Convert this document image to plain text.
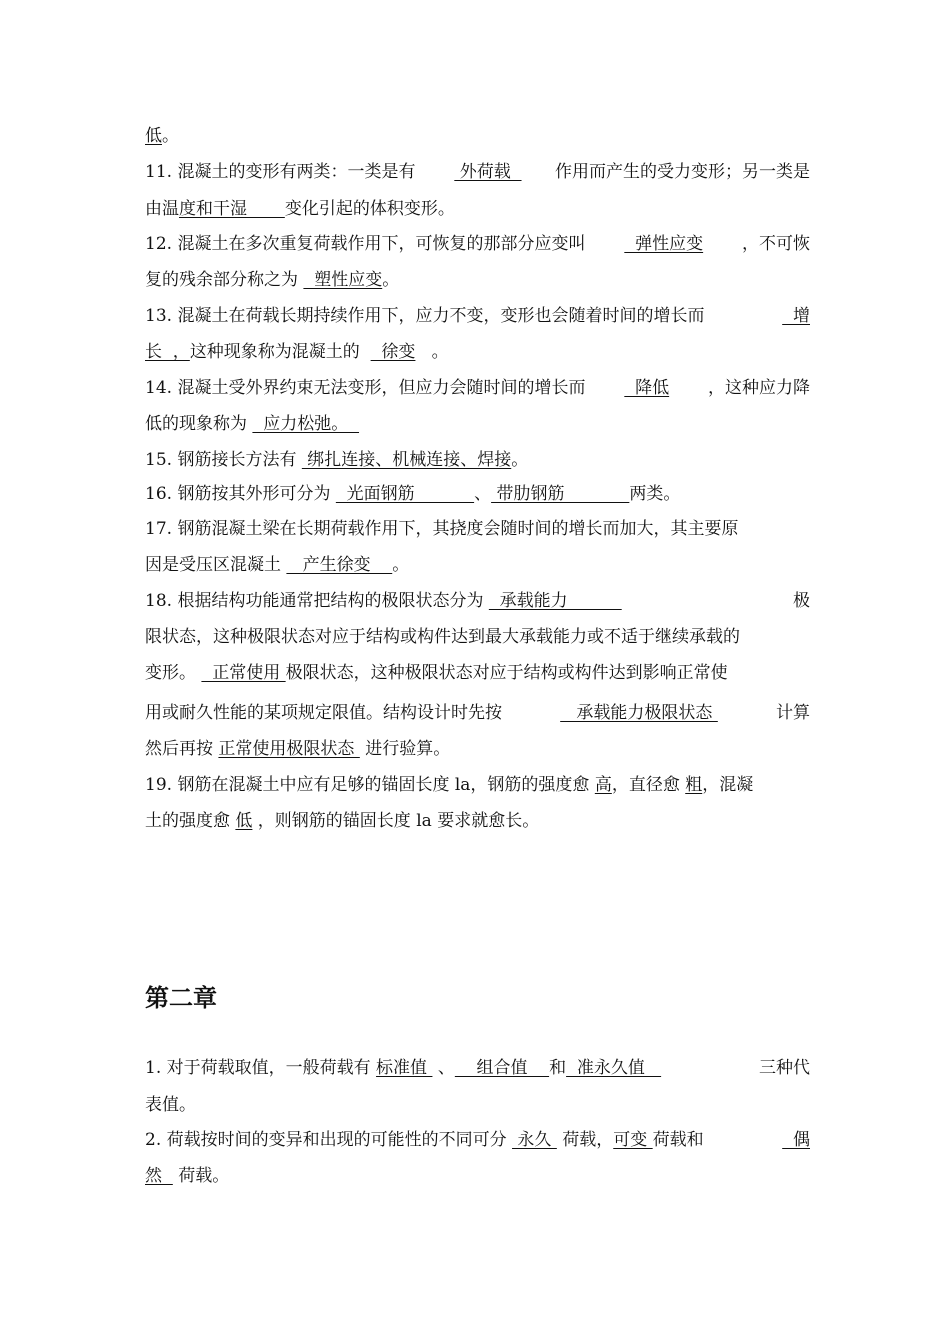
低。
11. 混凝土的变形有两类：一类是有 外荷载 作用而产生的受力变形；另一类是
由温度和干湿       变化引起的体积变形。
12. 混凝土在多次重复荷载作用下，可恢复的那部分应变叫 弹性应变 ，不可恢
复的残余部分称之为   塑性应变。
13. 混凝土在荷载长期持续作用下，应力不变，变形也会随着时间的增长而	增
长  ，这种现象称为混凝土的    徐变   。
14. 混凝土受外界约束无法变形，但应力会随时间的增长而 降低 ，这种应力降
低的现象称为   应力松弛。
15. 钢筋接长方法有  绑扎连接、机械连接、焊接。
16. 钢筋按其外形可分为   光面钢筋           、 带肋钢筋            两类。
17. 钢筋混凝土梁在长期荷载作用下，其挠度会随时间的增长而加大，其主要原
因是受压区混凝土    产生徐变    。
18. 根据结构功能通常把结构的极限状态分为   承载能力	极
限状态，这种极限状态对应于结构或构件达到最大承载能力或不适于继续承载的
变形。   正常使用 极限状态，这种极限状态对应于结构或构件达到影响正常使
用或耐久性能的某项规定限值。结构设计时先按	承载能力极限状态	计算
然后再按 正常使用极限状态  进行验算。
19. 钢筋在混凝土中应有足够的锚固长度 la，钢筋的强度愈 高，直径愈 粗，混凝
土的强度愈 低 ，则钢筋的锚固长度 la 要求就愈长。
第二章
1. 对于荷载取值，一般荷载有 标准值  、    组合值    和  准永久值	三种代
表值。
2. 荷载按时间的变异和出现的可能性的不同可分  永久  荷载，可变 荷载和	偶
然   荷载。
